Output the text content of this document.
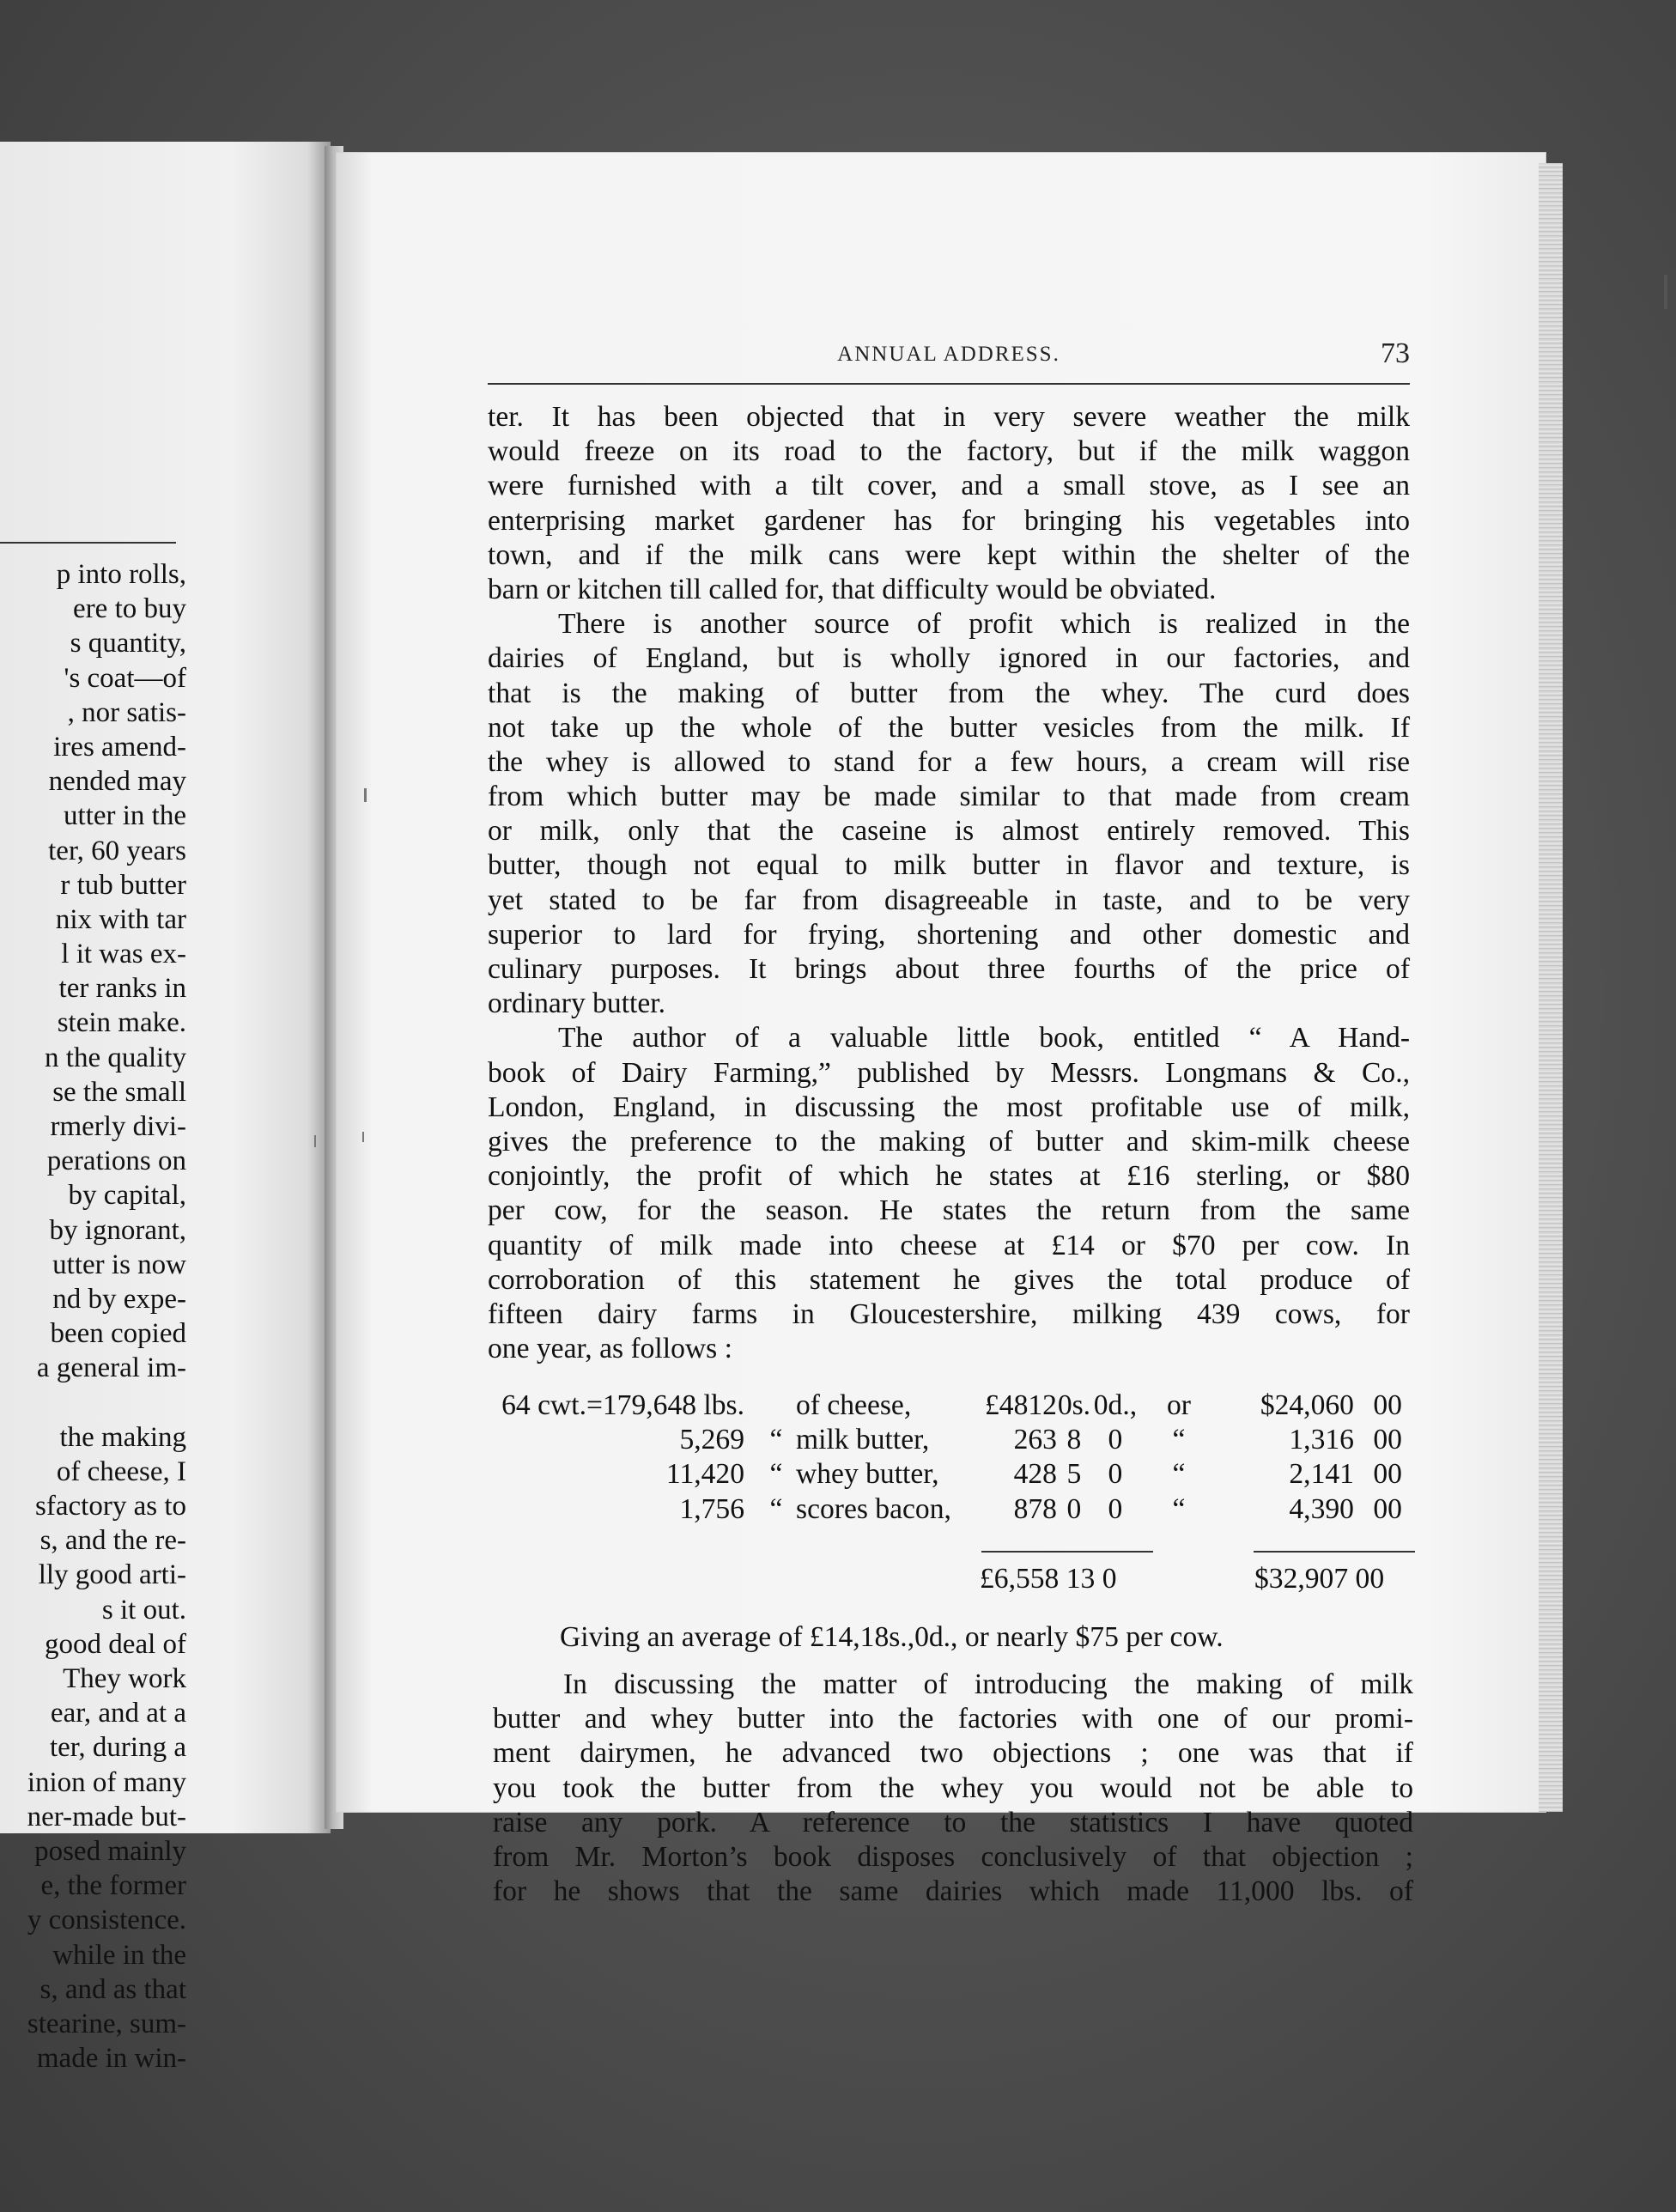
p into rolls,
ere to buy
s quantity,
's coat—of
, nor satis-
ires amend-
nended may
utter in the
ter, 60 years
r tub butter
nix with tar
l it was ex-
ter ranks in
stein make.
n the quality
se the small
rmerly divi-
perations on
by capital,
by ignorant,
utter is now
nd by expe-
been copied
a general im-
the making
of cheese, I
sfactory as to
s, and the re-
lly good arti-
s it out.
good deal of
They work
ear, and at a
ter, during a
inion of many
ner-made but-
posed mainly
e, the former
y consistence.
while in the
s, and as that
stearine, sum-
made in win-
ANNUAL ADDRESS.	73
ter. It has been objected that in very severe weather the milk
would freeze on its road to the factory, but if the milk waggon
were furnished with a tilt cover, and a small stove, as I see an
enterprising market gardener has for bringing his vegetables into
town, and if the milk cans were kept within the shelter of the
barn or kitchen till called for, that difficulty would be obviated.
There is another source of profit which is realized in the
dairies of England, but is wholly ignored in our factories, and
that is the making of butter from the whey. The curd does
not take up the whole of the butter vesicles from the milk. If
the whey is allowed to stand for a few hours, a cream will rise
from which butter may be made similar to that made from cream
or milk, only that the caseine is almost entirely removed. This
butter, though not equal to milk butter in flavor and texture, is
yet stated to be far from disagreeable in taste, and to be very
superior to lard for frying, shortening and other domestic and
culinary purposes. It brings about three fourths of the price of
ordinary butter.
The author of a valuable little book, entitled “ A Hand-
book of Dairy Farming,” published by Messrs. Longmans & Co.,
London, England, in discussing the most profitable use of milk,
gives the preference to the making of butter and skim-milk cheese
conjointly, the profit of which he states at £16 sterling, or $80
per cow, for the season. He states the return from the same
quantity of milk made into cheese at £14 or $70 per cow. In
corroboration of this statement he gives the total produce of
fifteen dairy farms in Gloucestershire, milking 439 cows, for
one year, as follows :
64 cwt.=179,648 lbs.		of cheese,	£4812	0s.	0d.,	or	$24,060	00
5,269	“	milk butter,	263	8	0	“	1,316	00
11,420	“	whey butter,	428	5	0	“	2,141	00
1,756	“	scores bacon,	878	0	0	“	4,390	00
£6,558 13 0	$32,907 00
Giving an average of £14,18s.,0d., or nearly $75 per cow.
In discussing the matter of introducing the making of milk
butter and whey butter into the factories with one of our promi-
ment dairymen, he advanced two objections ; one was that if
you took the butter from the whey you would not be able to
raise any pork. A reference to the statistics I have quoted
from Mr. Morton’s book disposes conclusively of that objection ;
for he shows that the same dairies which made 11,000 lbs. of
